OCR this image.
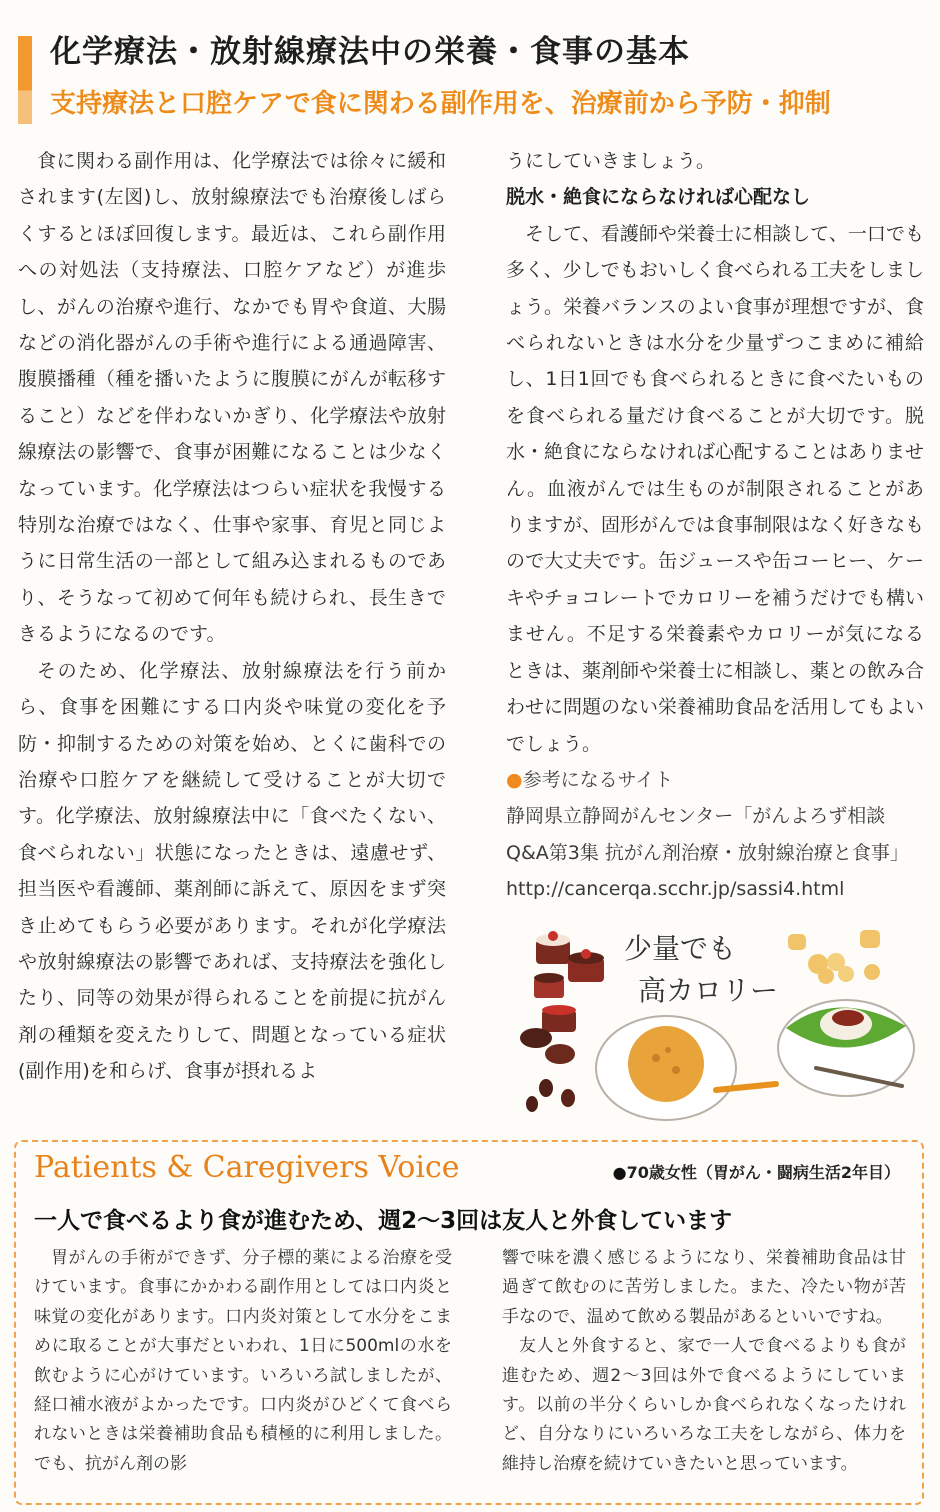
化学療法・放射線療法中の栄養・食事の基本
支持療法と口腔ケアで食に関わる副作用を、治療前から予防・抑制

食に関わる副作用は、化学療法では徐々に緩和されます(左図)し、放射線療法でも治療後しばらくするとほぼ回復します。最近は、これら副作用への対処法（支持療法、口腔ケアなど）が進歩し、がんの治療や進行、なかでも胃や食道、大腸などの消化器がんの手術や進行による通過障害、腹膜播種（種を播いたように腹膜にがんが転移すること）などを伴わないかぎり、化学療法や放射線療法の影響で、食事が困難になることは少なくなっています。化学療法はつらい症状を我慢する特別な治療ではなく、仕事や家事、育児と同じように日常生活の一部として組み込まれるものであり、そうなって初めて何年も続けられ、長生きできるようになるのです。

そのため、化学療法、放射線療法を行う前から、食事を困難にする口内炎や味覚の変化を予防・抑制するための対策を始め、とくに歯科での治療や口腔ケアを継続して受けることが大切です。化学療法、放射線療法中に「食べたくない、食べられない」状態になったときは、遠慮せず、担当医や看護師、薬剤師に訴えて、原因をまず突き止めてもらう必要があります。それが化学療法や放射線療法の影響であれば、支持療法を強化したり、同等の効果が得られることを前提に抗がん剤の種類を変えたりして、問題となっている症状(副作用)を和らげ、食事が摂れるよ

うにしていきましょう。

脱水・絶食にならなければ心配なし

そして、看護師や栄養士に相談して、一口でも多く、少しでもおいしく食べられる工夫をしましょう。栄養バランスのよい食事が理想ですが、食べられないときは水分を少量ずつこまめに補給し、1日1回でも食べられるときに食べたいものを食べられる量だけ食べることが大切です。脱水・絶食にならなければ心配することはありません。血液がんでは生ものが制限されることがありますが、固形がんでは食事制限はなく好きなもので大丈夫です。缶ジュースや缶コーヒー、ケーキやチョコレートでカロリーを補うだけでも構いません。不足する栄養素やカロリーが気になるときは、薬剤師や栄養士に相談し、薬との飲み合わせに問題のない栄養補助食品を活用してもよいでしょう。

●参考になるサイト
静岡県立静岡がんセンター「がんよろず相談
Q&A第3集 抗がん剤治療・放射線治療と食事」
http://cancerqa.scchr.jp/sassi4.html
少量でも
高カロリー
Patients & Caregivers Voice	●70歳女性（胃がん・闘病生活2年目）
一人で食べるより食が進むため、週2～3回は友人と外食しています

胃がんの手術ができず、分子標的薬による治療を受けています。食事にかかわる副作用としては口内炎と味覚の変化があります。口内炎対策として水分をこまめに取ることが大事だといわれ、1日に500mlの水を飲むように心がけています。いろいろ試しましたが、経口補水液がよかったです。口内炎がひどくて食べられないときは栄養補助食品も積極的に利用しました。でも、抗がん剤の影

響で味を濃く感じるようになり、栄養補助食品は甘過ぎて飲むのに苦労しました。また、冷たい物が苦手なので、温めて飲める製品があるといいですね。

友人と外食すると、家で一人で食べるよりも食が進むため、週2～3回は外で食べるようにしています。以前の半分くらいしか食べられなくなったけれど、自分なりにいろいろな工夫をしながら、体力を維持し治療を続けていきたいと思っています。
